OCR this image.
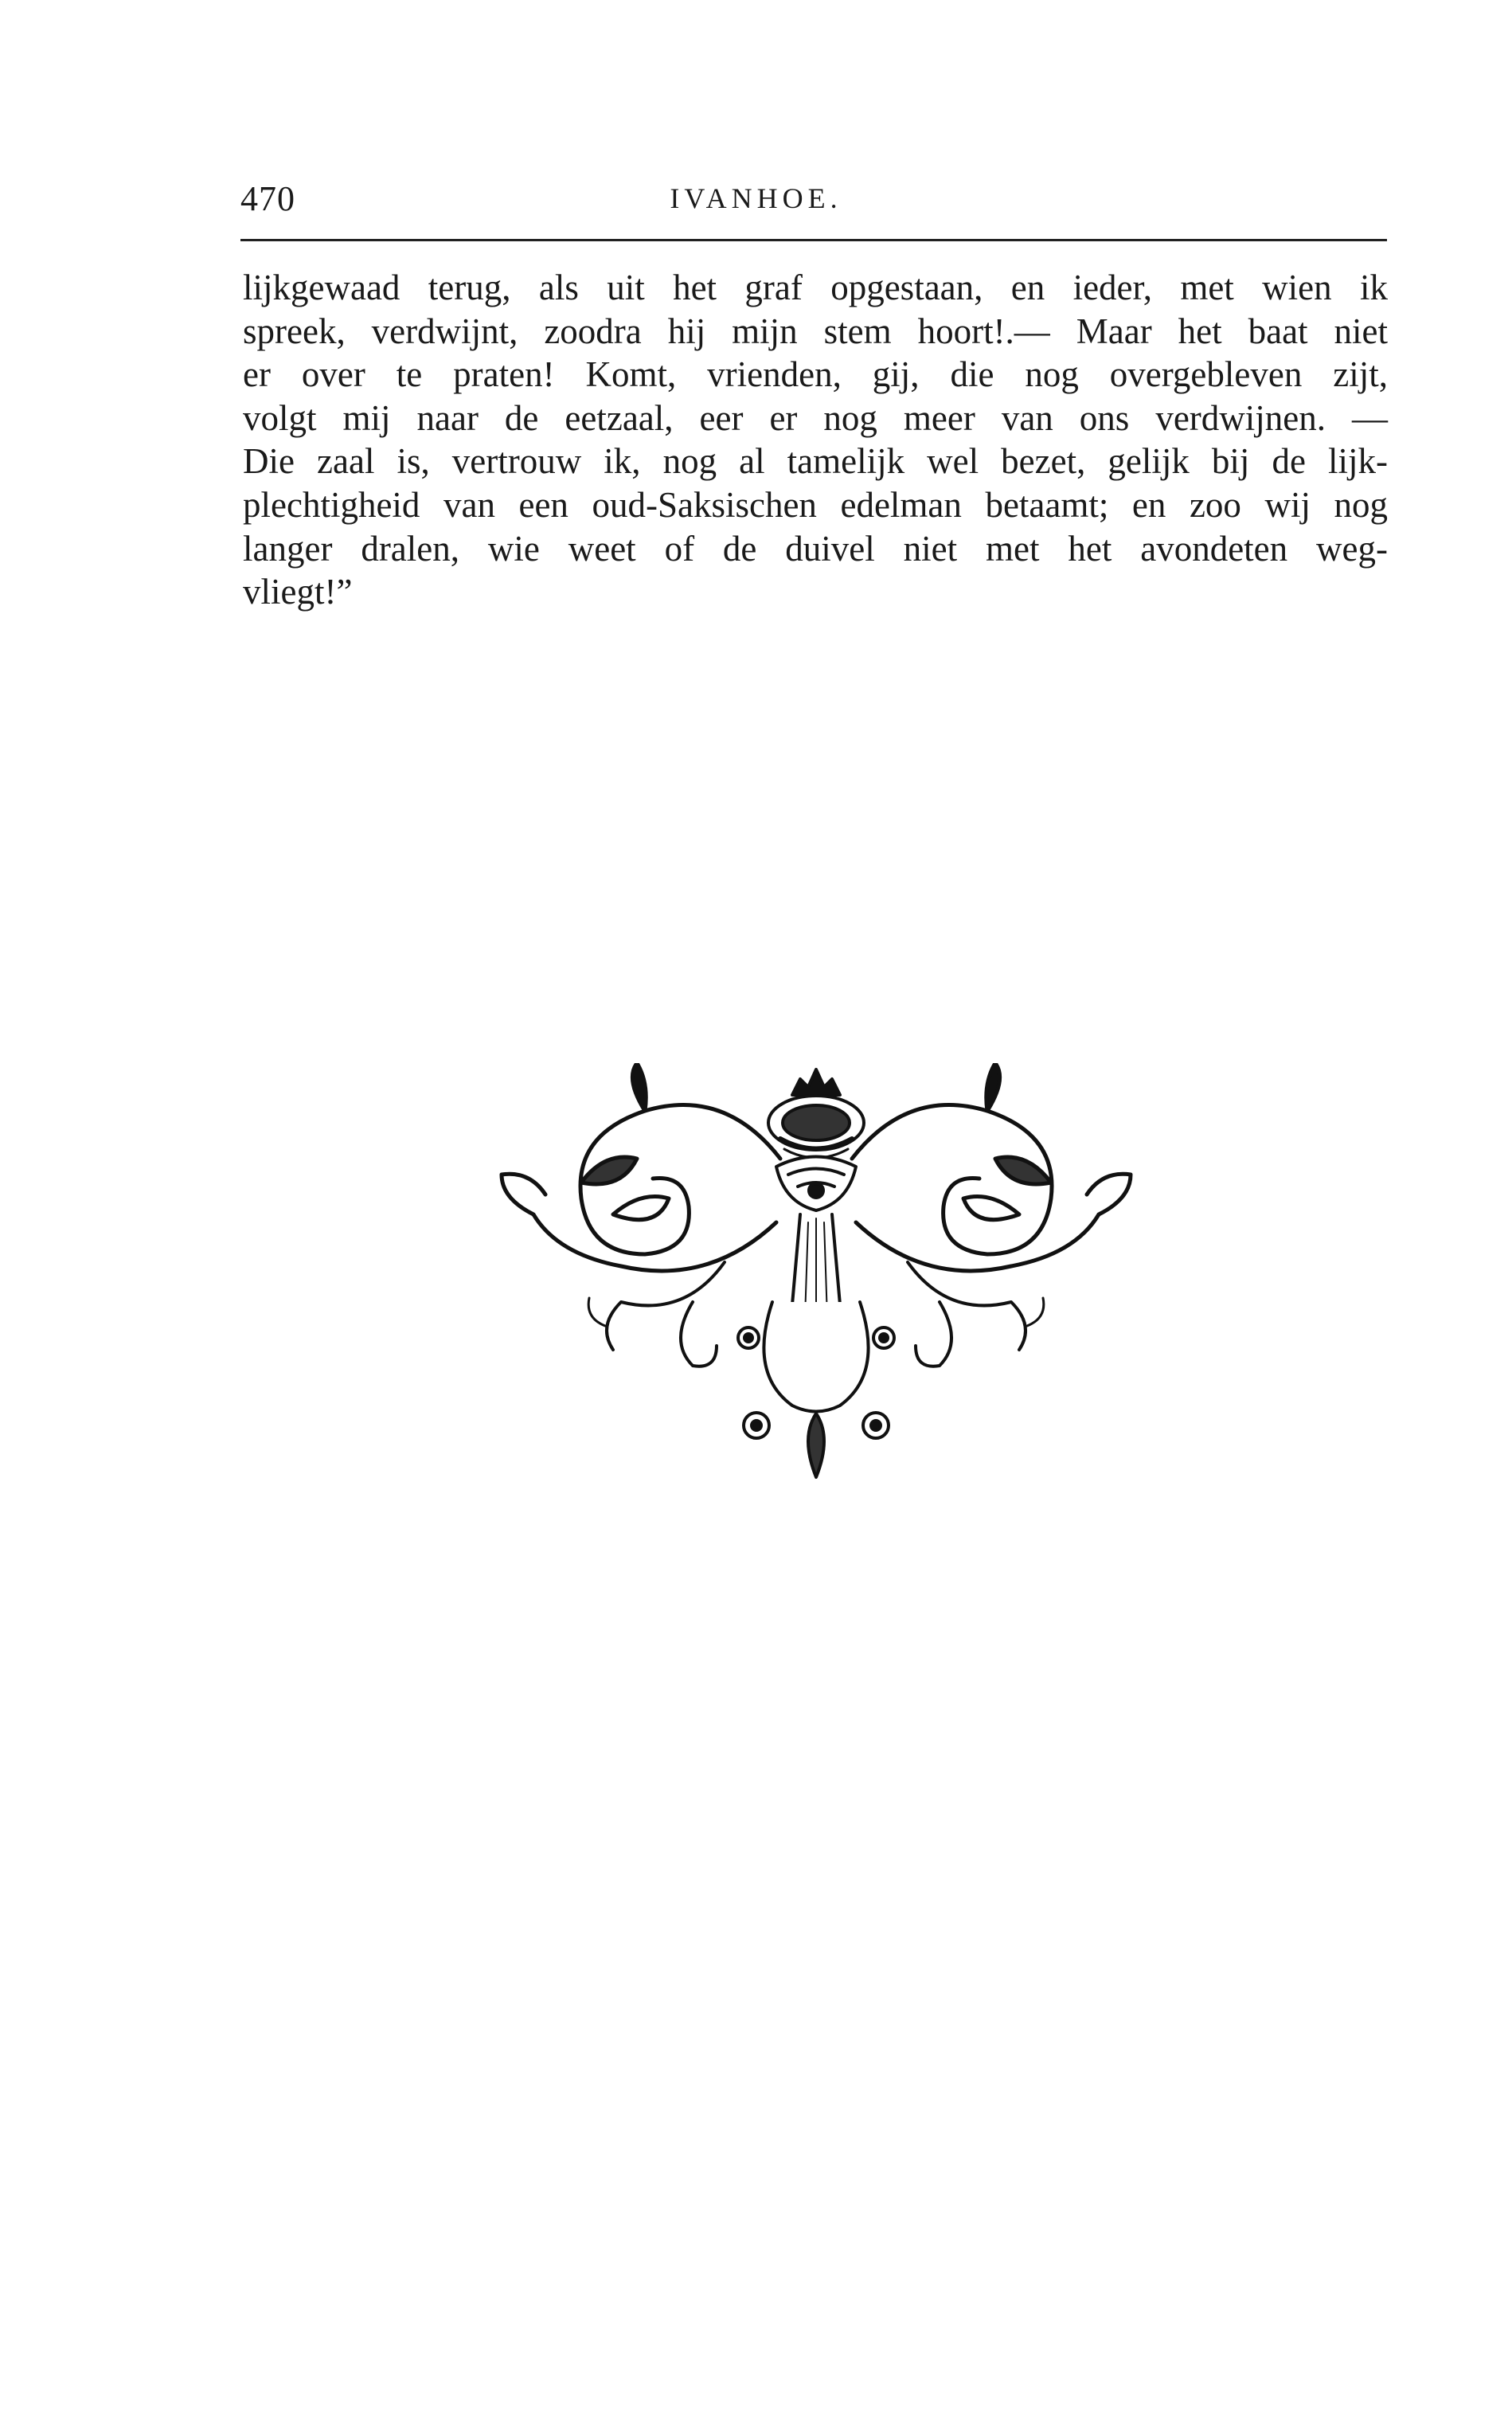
470	IVANHOE.
lijkgewaad terug, als uit het graf opgestaan, en ieder, met wien ik
spreek, verdwijnt, zoodra hij mijn stem hoort!.— Maar het baat niet
er over te praten! Komt, vrienden, gij, die nog overgebleven zijt,
volgt mij naar de eetzaal, eer er nog meer van ons verdwijnen. —
Die zaal is, vertrouw ik, nog al tamelijk wel bezet, gelijk bij de lijk-
plechtigheid van een oud-Saksischen edelman betaamt; en zoo wij nog
langer dralen, wie weet of de duivel niet met het avondeten weg-
vliegt!”
